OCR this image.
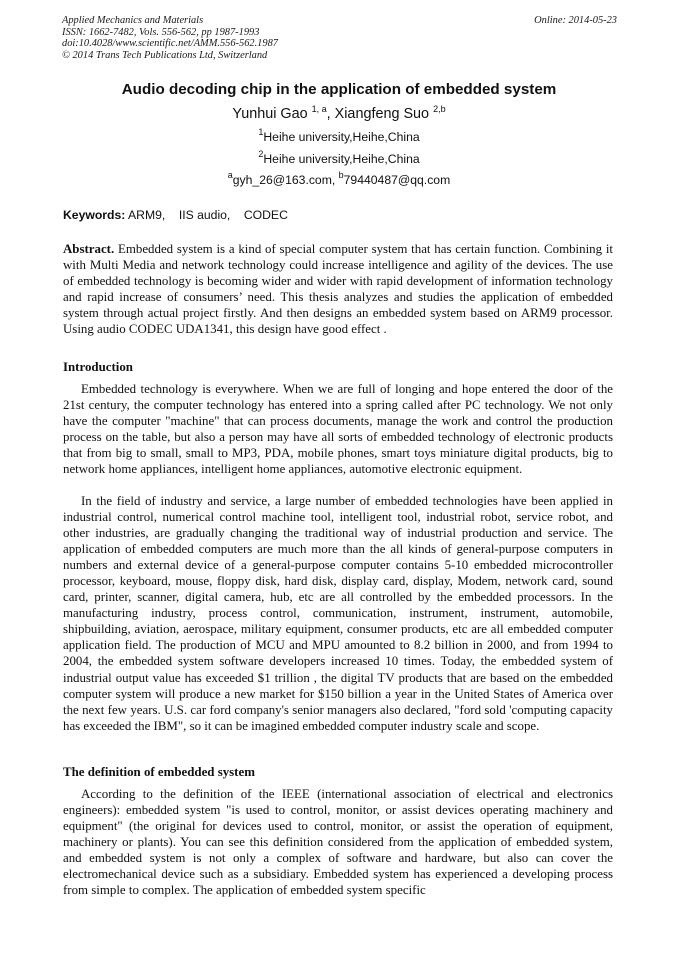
Applied Mechanics and Materials
ISSN: 1662-7482, Vols. 556-562, pp 1987-1993
doi:10.4028/www.scientific.net/AMM.556-562.1987
© 2014 Trans Tech Publications Ltd, Switzerland
Online: 2014-05-23
Audio decoding chip in the application of embedded system
Yunhui Gao $^{1, a}$, Xiangfeng Suo $^{2,b}$
$^1$Heihe university,Heihe,China
$^2$Heihe university,Heihe,China
$^a$gyh_26@163.com, $^b$79440487@qq.com
Keywords: ARM9,    IIS audio,    CODEC

Abstract. Embedded system is a kind of special computer system that has certain function. Combining it with Multi Media and network technology could increase intelligence and agility of the devices. The use of embedded technology is becoming wider and wider with rapid development of information technology and rapid increase of consumers’ need. This thesis analyzes and studies the application of embedded system through actual project firstly. And then designs an embedded system based on ARM9 processor. Using audio CODEC UDA1341, this design have good effect .

Introduction

Embedded technology is everywhere. When we are full of longing and hope entered the door of the 21st century, the computer technology has entered into a spring called after PC technology. We not only have the computer "machine" that can process documents, manage the work and control the production process on the table, but also a person may have all sorts of embedded technology of electronic products that from big to small, small to MP3, PDA, mobile phones, smart toys miniature digital products, big to network home appliances, intelligent home appliances, automotive electronic equipment.

In the field of industry and service, a large number of embedded technologies have been applied in industrial control, numerical control machine tool, intelligent tool, industrial robot, service robot, and other industries, are gradually changing the traditional way of industrial production and service. The application of embedded computers are much more than the all kinds of general-purpose computers in numbers and external device of a general-purpose computer contains 5-10 embedded microcontroller processor, keyboard, mouse, floppy disk, hard disk, display card, display, Modem, network card, sound card, printer, scanner, digital camera, hub, etc are all controlled by the embedded processors. In the manufacturing industry, process control, communication, instrument, instrument, automobile, shipbuilding, aviation, aerospace, military equipment, consumer products, etc are all embedded computer application field. The production of MCU and MPU amounted to 8.2 billion in 2000, and from 1994 to 2004, the embedded system software developers increased 10 times. Today, the embedded system of industrial output value has exceeded $1 trillion , the digital TV products that are based on the embedded computer system will produce a new market for $150 billion a year in the United States of America over the next few years. U.S. car ford company's senior managers also declared, "ford sold 'computing capacity has exceeded the IBM", so it can be imagined embedded computer industry scale and scope.

The definition of embedded system

According to the definition of the IEEE (international association of electrical and electronics engineers): embedded system "is used to control, monitor, or assist devices operating machinery and equipment" (the original for devices used to control, monitor, or assist the operation of equipment, machinery or plants). You can see this definition considered from the application of embedded system, and embedded system is not only a complex of software and hardware, but also can cover the electromechanical device such as a subsidiary. Embedded system has experienced a developing process from simple to complex. The application of embedded system specific
